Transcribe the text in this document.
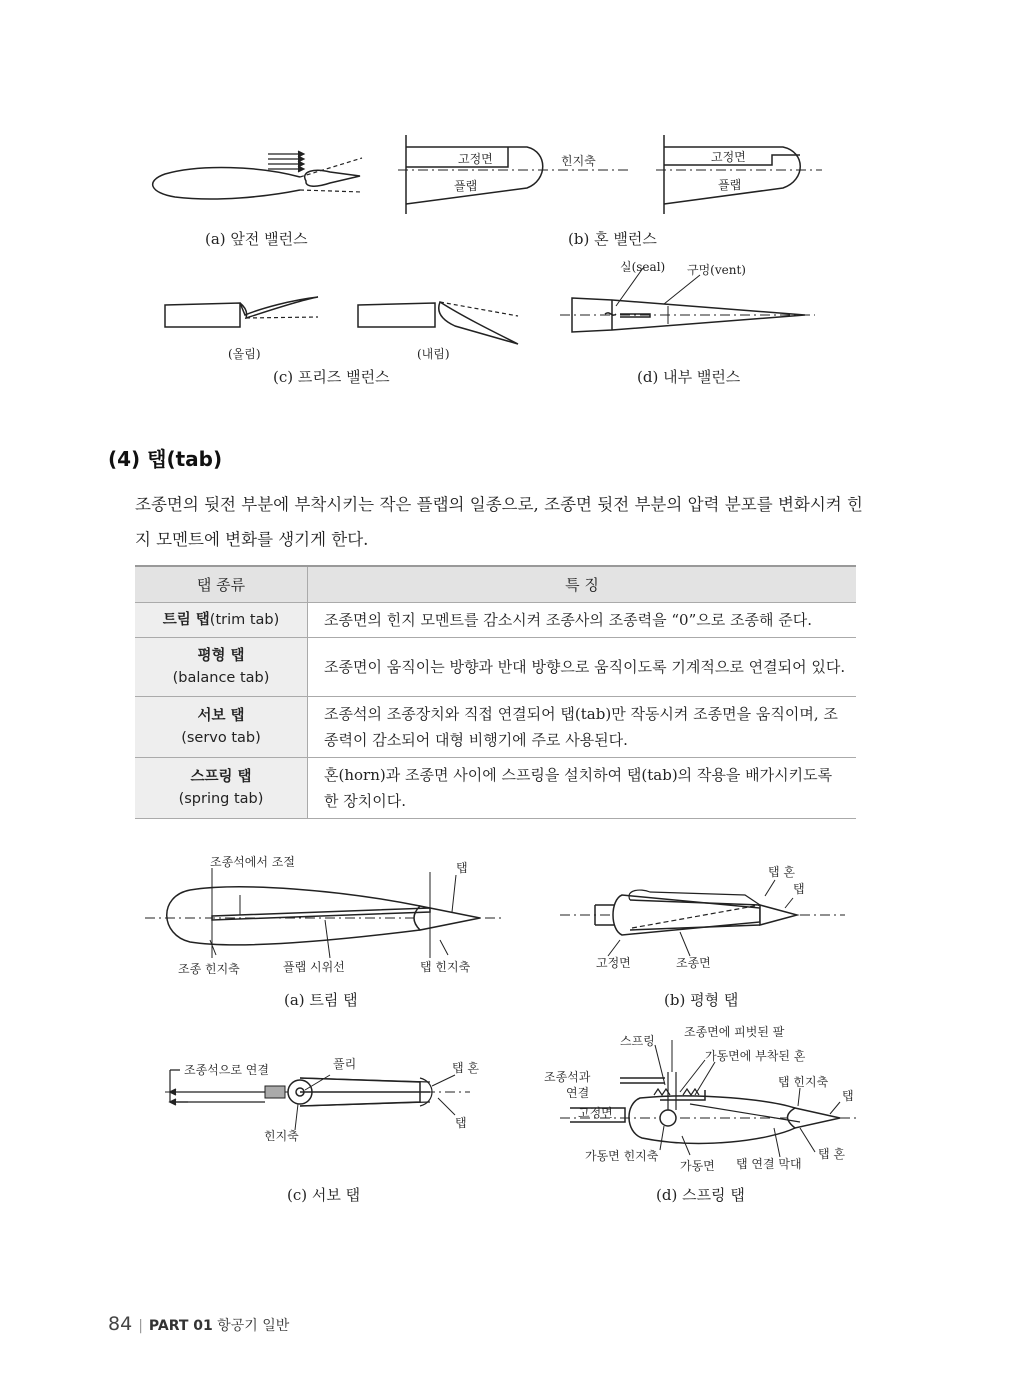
고정면
플랩
힌지축	고정면
플랩
실(seal) 구멍(vent)
(올림)	(내림)
(a) 앞전 밸런스	(b) 혼 밸런스
(c) 프리즈 밸런스	(d) 내부 밸런스
(4) 탭(tab)
조종면의 뒷전 부분에 부착시키는 작은 플랩의 일종으로, 조종면 뒷전 부분의 압력 분포를 변화시켜 힌지 모멘트에 변화를 생기게 한다.
탭 종류	특 징
트림 탭(trim tab)	조종면의 힌지 모멘트를 감소시켜 조종사의 조종력을 “0”으로 조종해 준다.
평형 탭
(balance tab)	조종면이 움직이는 방향과 반대 방향으로 움직이도록 기계적으로 연결되어 있다.
서보 탭
(servo tab)	조종석의 조종장치와 직접 연결되어 탭(tab)만 작동시켜 조종면을 움직이며, 조종력이 감소되어 대형 비행기에 주로 사용된다.
스프링 탭
(spring tab)	혼(horn)과 조종면 사이에 스프링을 설치하여 탭(tab)의 작용을 배가시키도록 한 장치이다.
조종석에서 조절	탭
조종 힌지축	플랩 시위선	탭 힌지축
탭 혼
탭
고정면	조종면
조종석으로 연결	풀리	탭 혼
탭
힌지축
스프링
조종면에 피벗된 팔
가동면에 부착된 혼
조종석과
연결
고정면
탭 힌지축
탭
가동면 힌지축
가동면 탭 연결 막대
탭 혼
(a) 트림 탭	(b) 평형 탭
(c) 서보 탭	(d) 스프링 탭
84 | PART 01 항공기 일반
